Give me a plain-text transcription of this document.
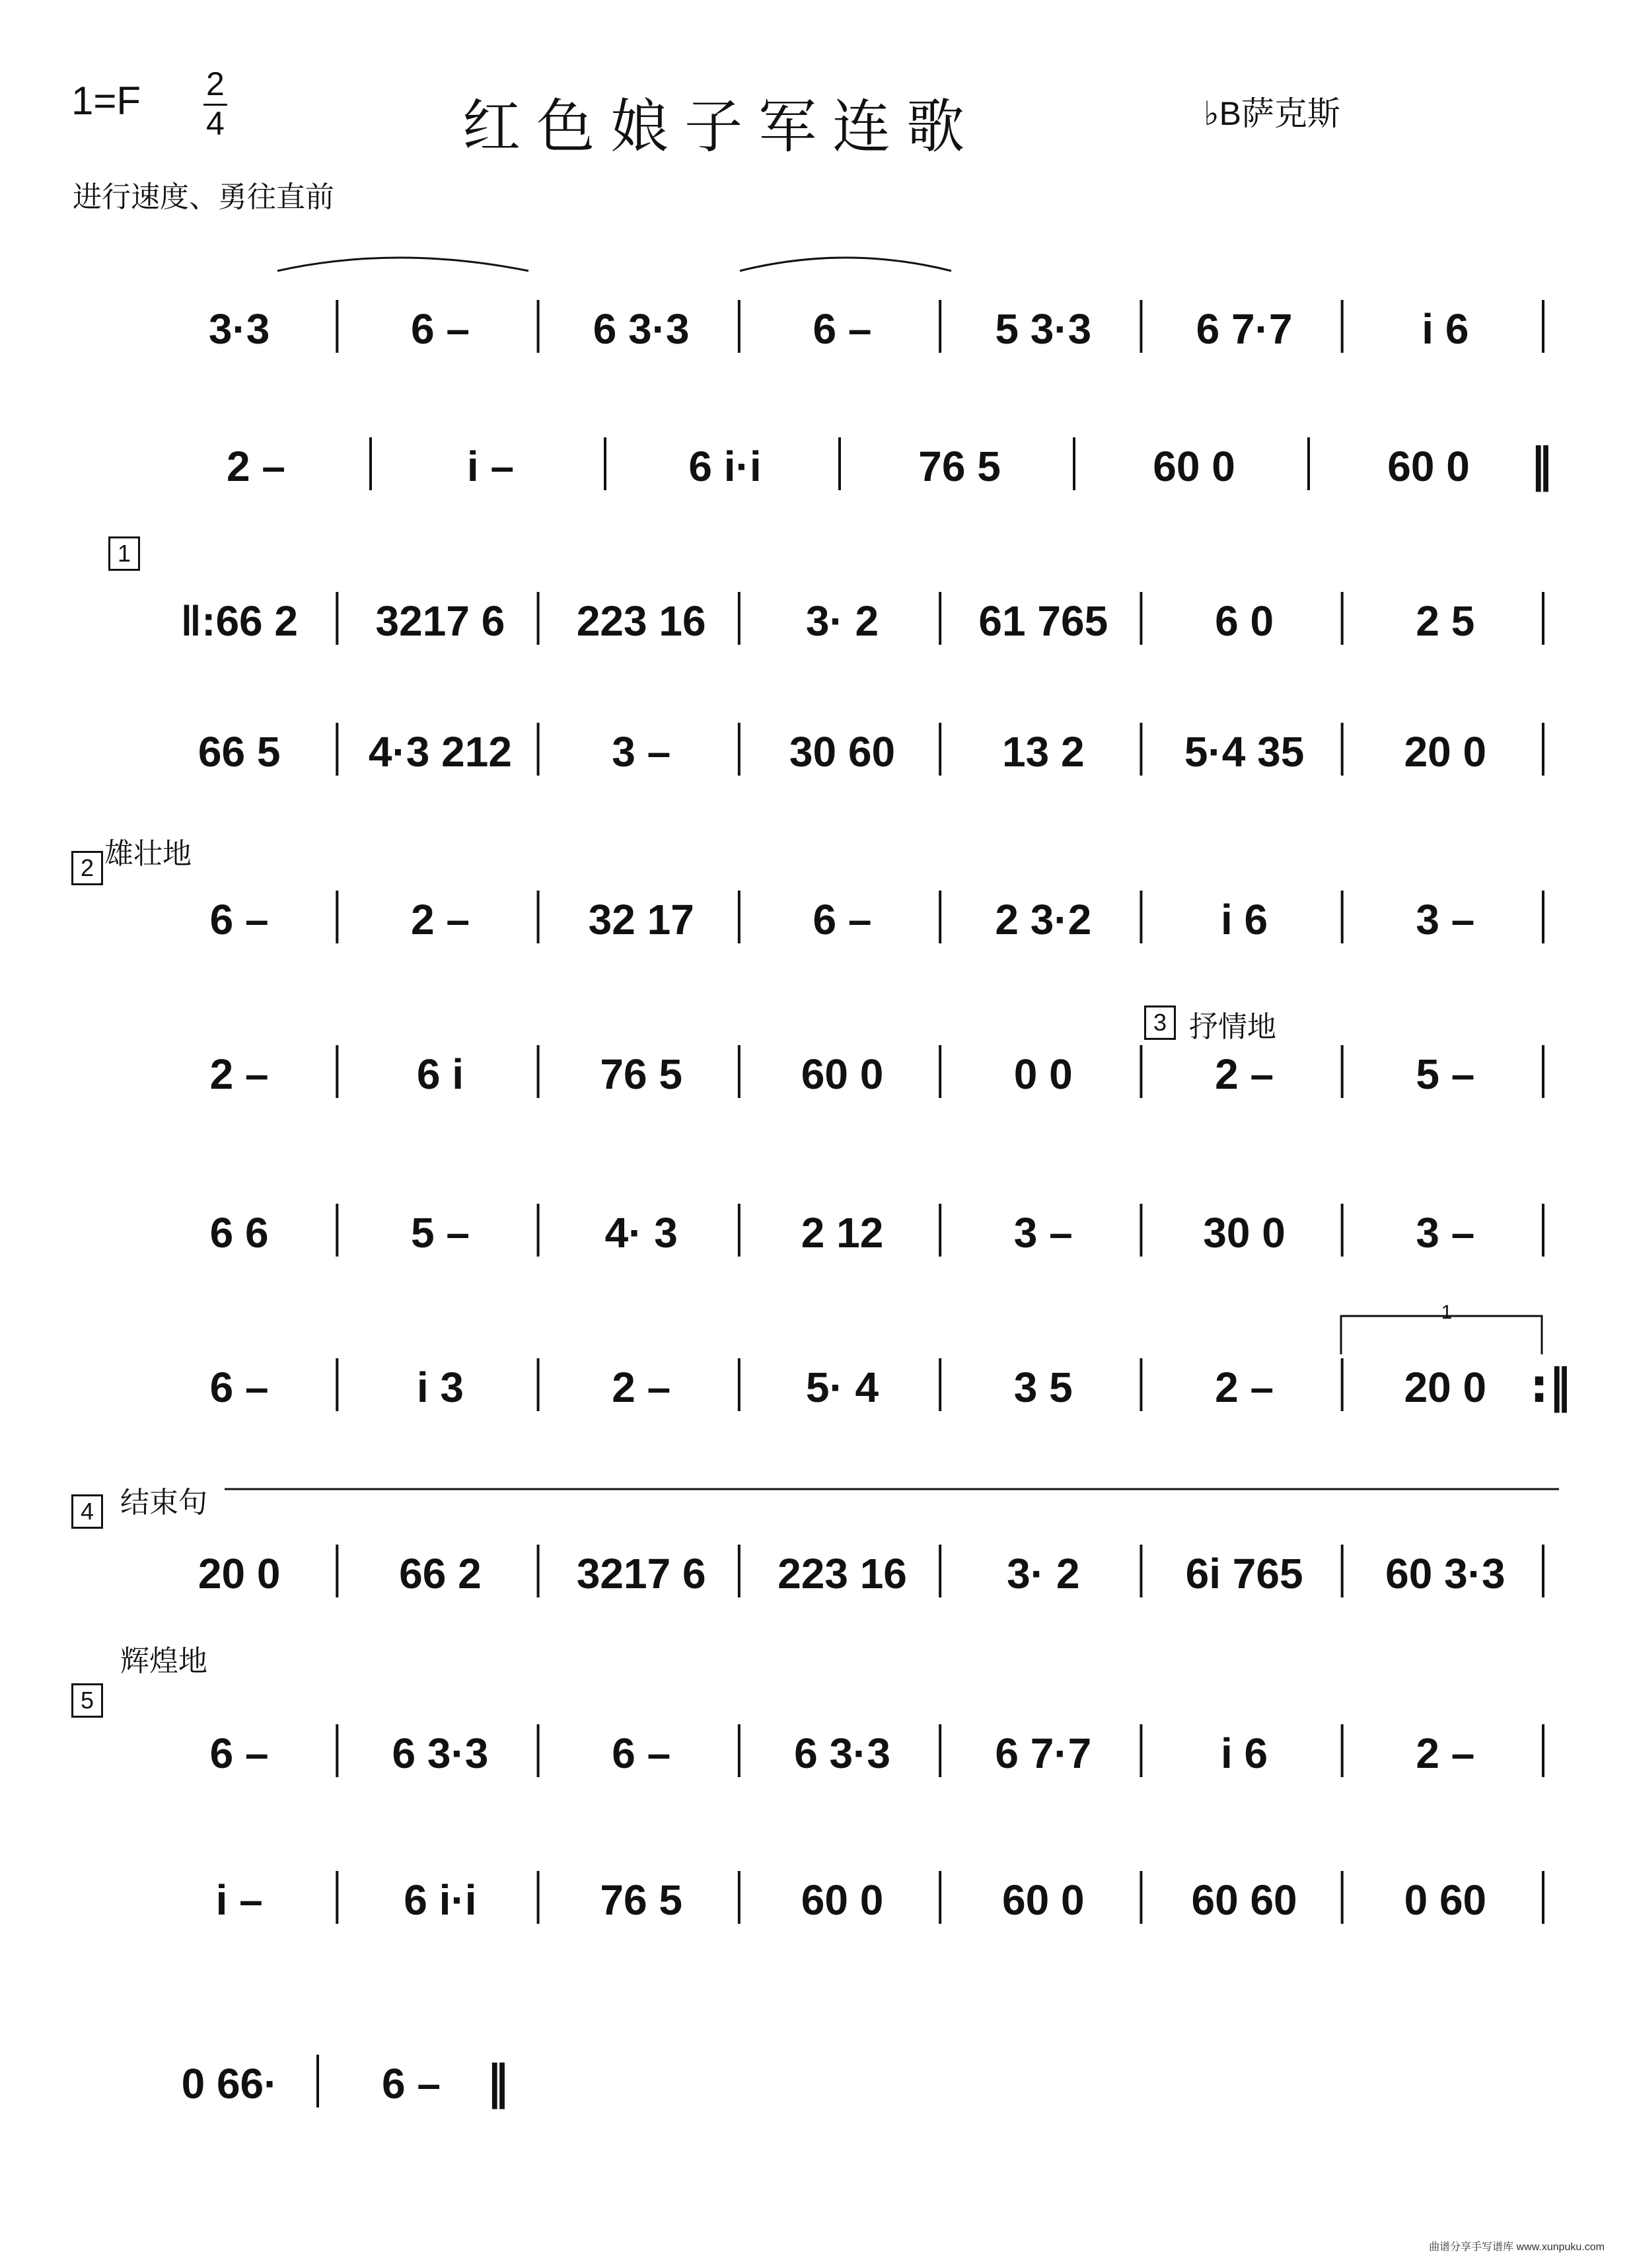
1=F 2
4	红色娘子军连歌	♭B萨克斯
进行速度、勇往直前
3·3	6 –	6 3·3	6 –	5 3·3 6 7·7	i 6
2 –	i –	6 i·i	76 5	60 0	60 0 ‖
‖:66 2 3217 6 223 16 3· 2 61 765	6 0	2 5
66 5 4·3 212 3 –	30 60	13 2 5·4 35 20 0
6 –	2 –	32 17	6 –	2 3·2	i 6	3 –
2 –	6 i	76 5	60 0	0 0	2 –	5 –
6 6	5 –	4· 3	2 12	3 –	30 0	3 –
6 –	i 3	2 –	5· 4	3 5	2 –	20 0 :‖
20 0	66 2 3217 6 223 16 3· 2	6i 765 60 3·3
6 –	6 3·3	6 –	6 3·3 6 7·7	i 6	2 –
i –	6 i·i	76 5	60 0	60 0	60 60	0 60
0 66· 6 – ‖
1
1
2 雄壮地
3 抒情地
4 结束句
5
辉煌地
曲谱分享手写谱库 www.xunpuku.com
